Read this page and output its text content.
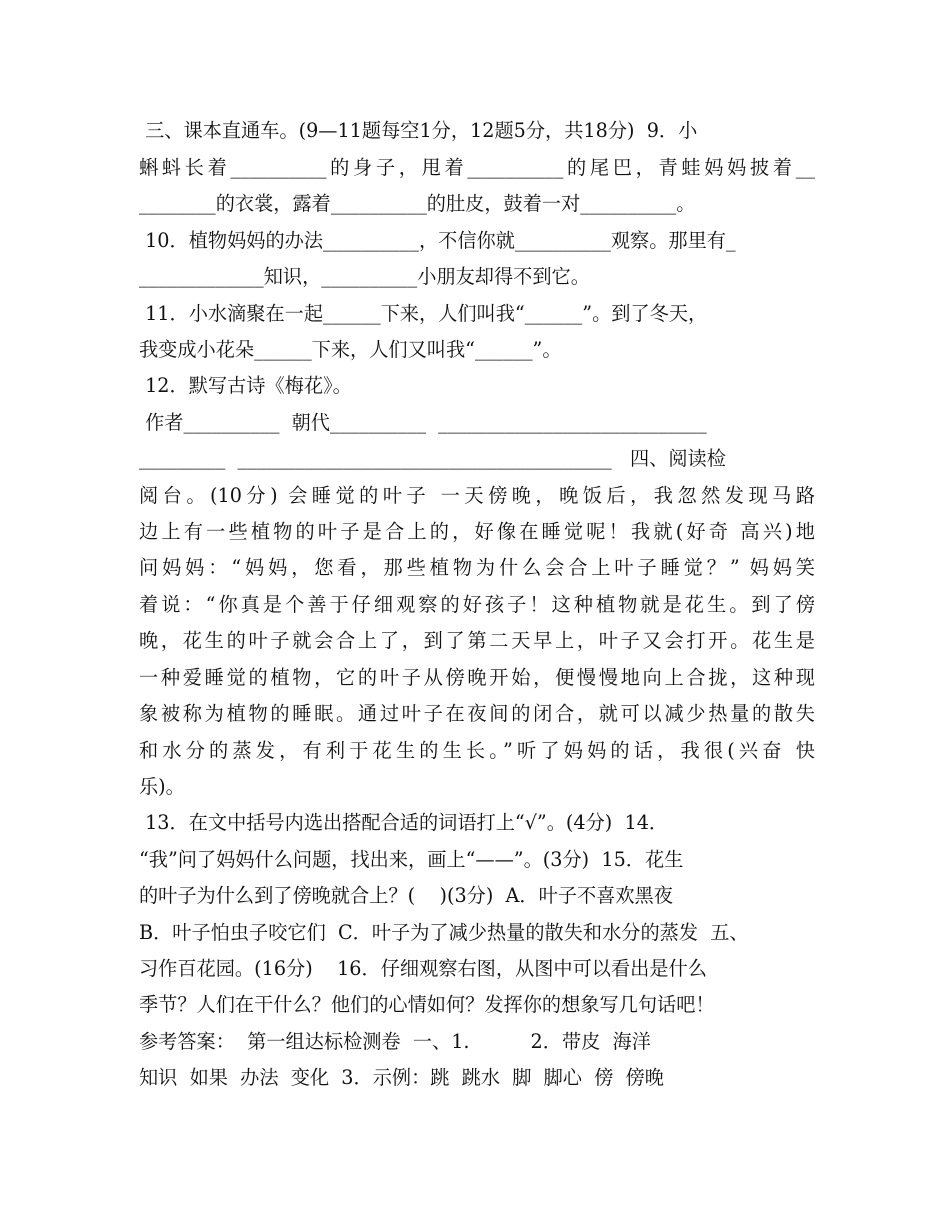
三、课本直通车。(9—11题每空1分，12题5分，共18分)  9．小
蝌蚪长着__________的身子，甩着__________的尾巴，青蛙妈妈披着__
________的衣裳，露着__________的肚皮，鼓着一对__________。
10．植物妈妈的办法__________，不信你就__________观察。那里有_
_____________知识，__________小朋友却得不到它。
11．小水滴聚在一起______下来，人们叫我“______”。到了冬天，
我变成小花朵______下来，人们又叫我“______”。
12．默写古诗《梅花》。
作者__________  朝代__________  ____________________________
_________  _______________________________________   四、阅读检
阅台。(10分) 会睡觉的叶子 一天傍晚，晚饭后，我忽然发现马路
边上有一些植物的叶子是合上的，好像在睡觉呢！我就(好奇 高兴)地
问妈妈：“妈妈，您看，那些植物为什么会合上叶子睡觉？” 妈妈笑
着说：“你真是个善于仔细观察的好孩子！这种植物就是花生。到了傍
晚，花生的叶子就会合上了，到了第二天早上，叶子又会打开。花生是
一种爱睡觉的植物，它的叶子从傍晚开始，便慢慢地向上合拢，这种现
象被称为植物的睡眠。通过叶子在夜间的闭合，就可以减少热量的散失
和水分的蒸发，有利于花生的生长。”听了妈妈的话，我很(兴奋 快
乐)。
13．在文中括号内选出搭配合适的词语打上“√”。(4分)  14．
“我”问了妈妈什么问题，找出来，画上“——”。(3分)  15．花生
的叶子为什么到了傍晚就合上？(    )(3分)  A．叶子不喜欢黑夜
B．叶子怕虫子咬它们  C．叶子为了减少热量的散失和水分的蒸发  五、
习作百花园。(16分)    16．仔细观察右图，从图中可以看出是什么
季节？人们在干什么？他们的心情如何？发挥你的想象写几句话吧！
参考答案：  第一组达标检测卷  一、1.          2．带皮  海洋
知识  如果  办法  变化  3．示例：跳  跳水  脚  脚心  傍  傍晚
